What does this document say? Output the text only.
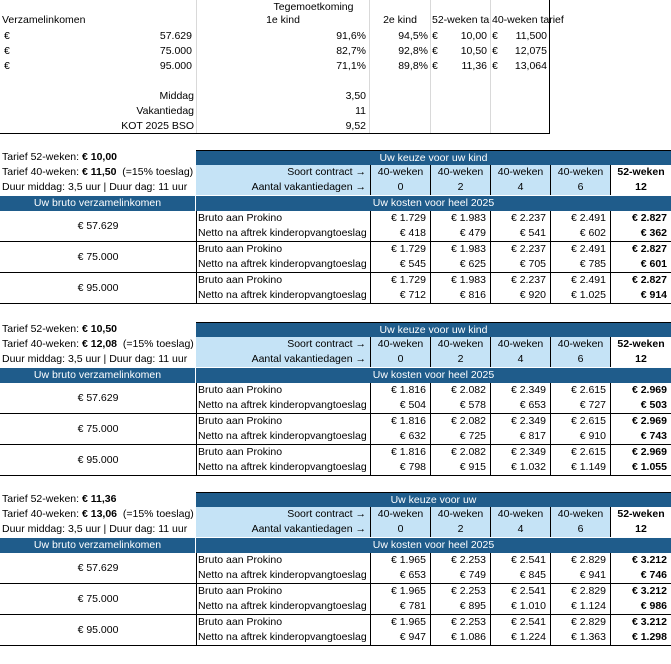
Tegemoetkoming
Verzamelinkomen	1e kind	2e kind	52-weken ta 40-weken tarief
€	57.629	91,6%	94,5% €	10,00 €	11,500
€	75.000	82,7%	92,8% €	10,50 €	12,075
€	95.000	71,1%	89,8% €	11,36 €	13,064
Middag	3,50
Vakantiedag	11
KOT 2025 BSO	9,52
Tarief 52-weken: € 10,00	Uw keuze voor uw kind
Tarief 40-weken: € 11,50 (=15% toeslag)	Soort contract →	40-weken	40-weken	40-weken	40-weken	52-weken
Duur middag: 3,5 uur | Duur dag: 11 uur	Aantal vakantiedagen →	0	2	4	6	12
Uw bruto verzamelinkomen	Uw kosten voor heel 2025
€ 57.629
Bruto aan Prokino	€ 1.729	€ 1.983	€ 2.237	€ 2.491	€ 2.827
Netto na aftrek kinderopvangtoeslag	€ 418	€ 479	€ 541	€ 602	€ 362
€ 75.000
Bruto aan Prokino	€ 1.729	€ 1.983	€ 2.237	€ 2.491	€ 2.827
Netto na aftrek kinderopvangtoeslag	€ 545	€ 625	€ 705	€ 785	€ 601
€ 95.000
Bruto aan Prokino	€ 1.729	€ 1.983	€ 2.237	€ 2.491	€ 2.827
Netto na aftrek kinderopvangtoeslag	€ 712	€ 816	€ 920	€ 1.025	€ 914
Tarief 52-weken: € 10,50	Uw keuze voor uw kind
Tarief 40-weken: € 12,08 (=15% toeslag)	Soort contract →	40-weken	40-weken	40-weken	40-weken	52-weken
Duur middag: 3,5 uur | Duur dag: 11 uur	Aantal vakantiedagen →	0	2	4	6	12
Uw bruto verzamelinkomen	Uw kosten voor heel 2025
€ 57.629
Bruto aan Prokino	€ 1.816	€ 2.082	€ 2.349	€ 2.615	€ 2.969
Netto na aftrek kinderopvangtoeslag	€ 504	€ 578	€ 653	€ 727	€ 503
€ 75.000
Bruto aan Prokino	€ 1.816	€ 2.082	€ 2.349	€ 2.615	€ 2.969
Netto na aftrek kinderopvangtoeslag	€ 632	€ 725	€ 817	€ 910	€ 743
€ 95.000
Bruto aan Prokino	€ 1.816	€ 2.082	€ 2.349	€ 2.615	€ 2.969
Netto na aftrek kinderopvangtoeslag	€ 798	€ 915	€ 1.032	€ 1.149	€ 1.055
Tarief 52-weken: € 11,36	Uw keuze voor uw
Tarief 40-weken: € 13,06 (=15% toeslag)	Soort contract →	40-weken	40-weken	40-weken	40-weken	52-weken
Duur middag: 3,5 uur | Duur dag: 11 uur	Aantal vakantiedagen →	0	2	4	6	12
Uw bruto verzamelinkomen	Uw kosten voor heel 2025
€ 57.629
Bruto aan Prokino	€ 1.965	€ 2.253	€ 2.541	€ 2.829	€ 3.212
Netto na aftrek kinderopvangtoeslag	€ 653	€ 749	€ 845	€ 941	€ 746
€ 75.000
Bruto aan Prokino	€ 1.965	€ 2.253	€ 2.541	€ 2.829	€ 3.212
Netto na aftrek kinderopvangtoeslag	€ 781	€ 895	€ 1.010	€ 1.124	€ 986
€ 95.000
Bruto aan Prokino	€ 1.965	€ 2.253	€ 2.541	€ 2.829	€ 3.212
Netto na aftrek kinderopvangtoeslag	€ 947	€ 1.086	€ 1.224	€ 1.363	€ 1.298
